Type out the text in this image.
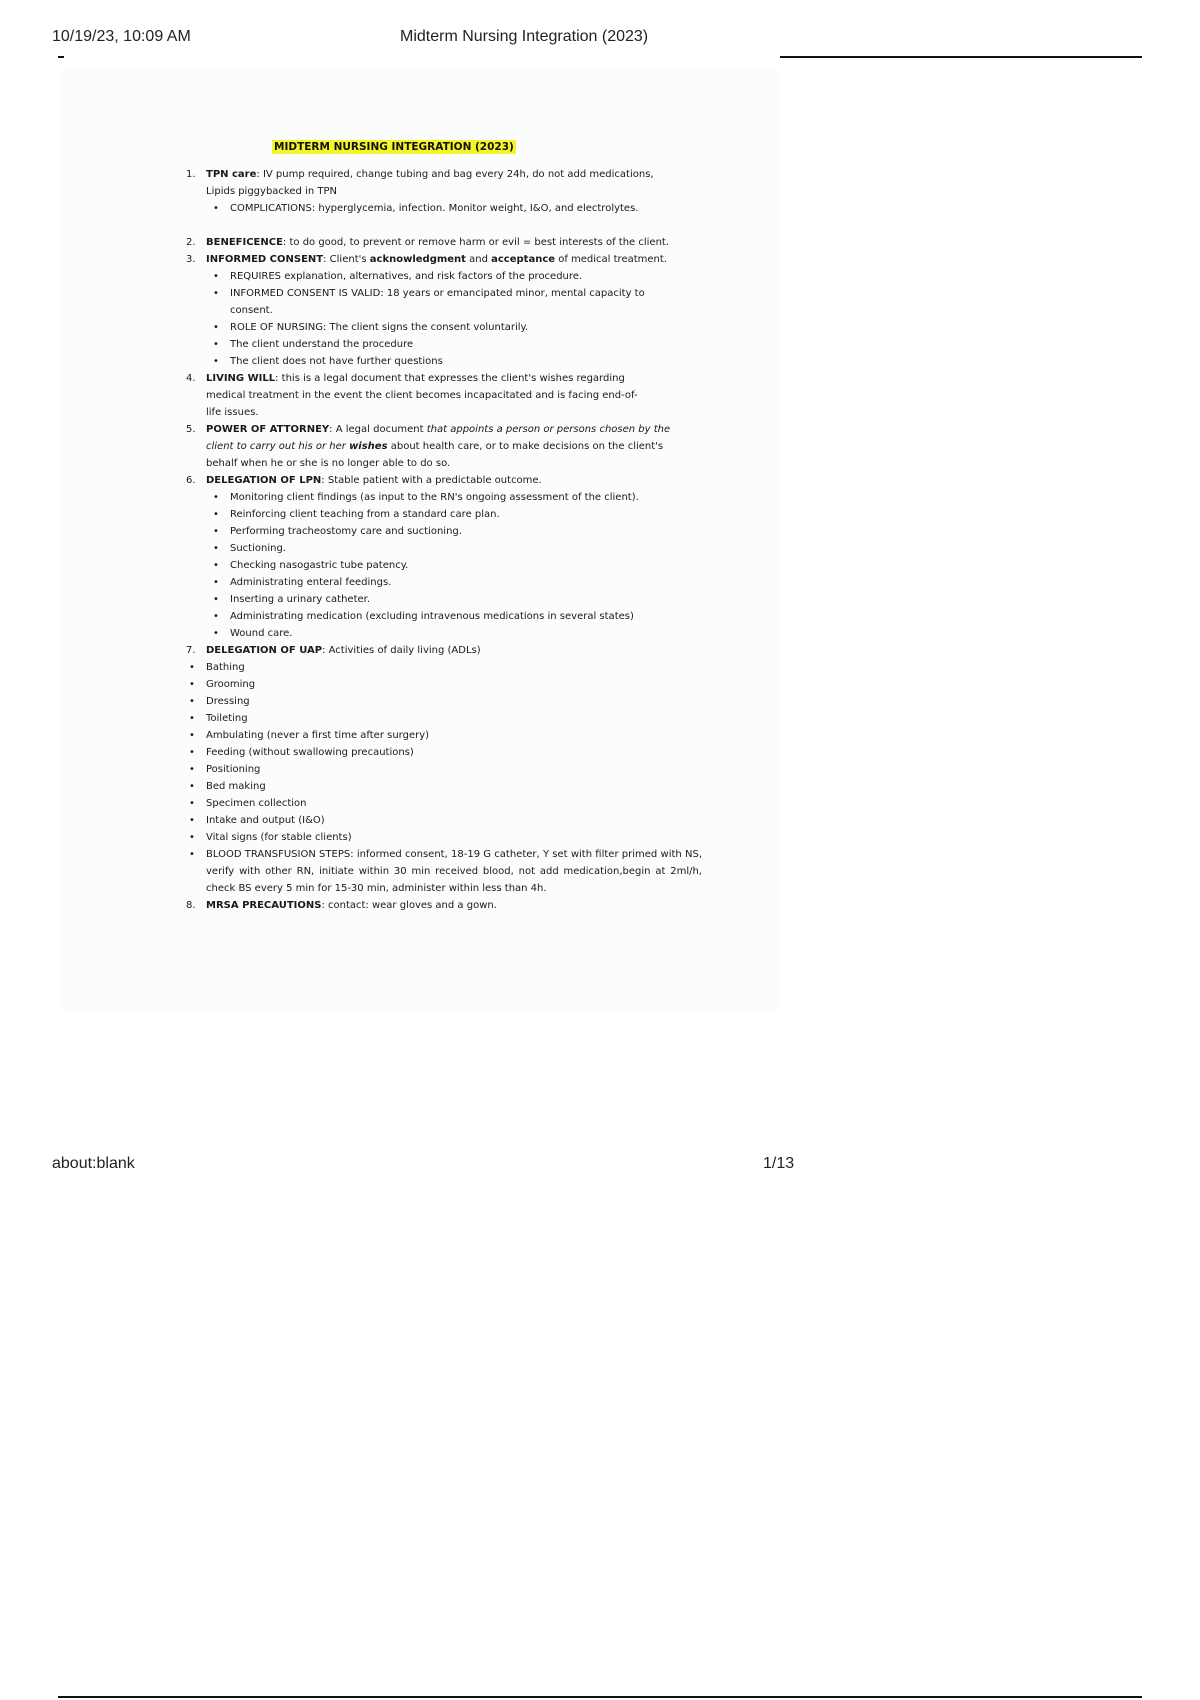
10/19/23, 10:09 AM	Midterm Nursing Integration (2023)
MIDTERM NURSING INTEGRATION (2023)
1.	TPN care: IV pump required, change tubing and bag every 24h, do not add medications,
Lipids piggybacked in TPN
• COMPLICATIONS: hyperglycemia, infection. Monitor weight, I&O, and electrolytes.
2.	BENEFICENCE: to do good, to prevent or remove harm or evil = best interests of the client.
3.	INFORMED CONSENT: Client's acknowledgment and acceptance of medical treatment.
• REQUIRES explanation, alternatives, and risk factors of the procedure.
• INFORMED CONSENT IS VALID: 18 years or emancipated minor, mental capacity to
consent.
• ROLE OF NURSING: The client signs the consent voluntarily.
• The client understand the procedure
• The client does not have further questions
4.	LIVING WILL: this is a legal document that expresses the client's wishes regarding
medical treatment in the event the client becomes incapacitated and is facing end-of-
life issues.
5.	POWER OF ATTORNEY: A legal document that appoints a person or persons chosen by the
client to carry out his or her wishes about health care, or to make decisions on the client's
behalf when he or she is no longer able to do so.
6.	DELEGATION OF LPN: Stable patient with a predictable outcome.
• Monitoring client findings (as input to the RN's ongoing assessment of the client).
• Reinforcing client teaching from a standard care plan.
• Performing tracheostomy care and suctioning.
• Suctioning.
• Checking nasogastric tube patency.
• Administrating enteral feedings.
• Inserting a urinary catheter.
• Administrating medication (excluding intravenous medications in several states)
• Wound care.
7.	DELEGATION OF UAP: Activities of daily living (ADLs)
• Bathing
• Grooming
• Dressing
• Toileting
• Ambulating (never a first time after surgery)
• Feeding (without swallowing precautions)
• Positioning
• Bed making
• Specimen collection
• Intake and output (I&O)
• Vital signs (for stable clients)
• BLOOD TRANSFUSION STEPS: informed consent, 18-19 G catheter, Y set with filter primed with NS, verify with other RN, initiate within 30 min received blood, not add medication,begin at 2ml/h, check BS every 5 min for 15-30 min, administer within less than 4h.
8.	MRSA PRECAUTIONS: contact: wear gloves and a gown.
about:blank	1/13
